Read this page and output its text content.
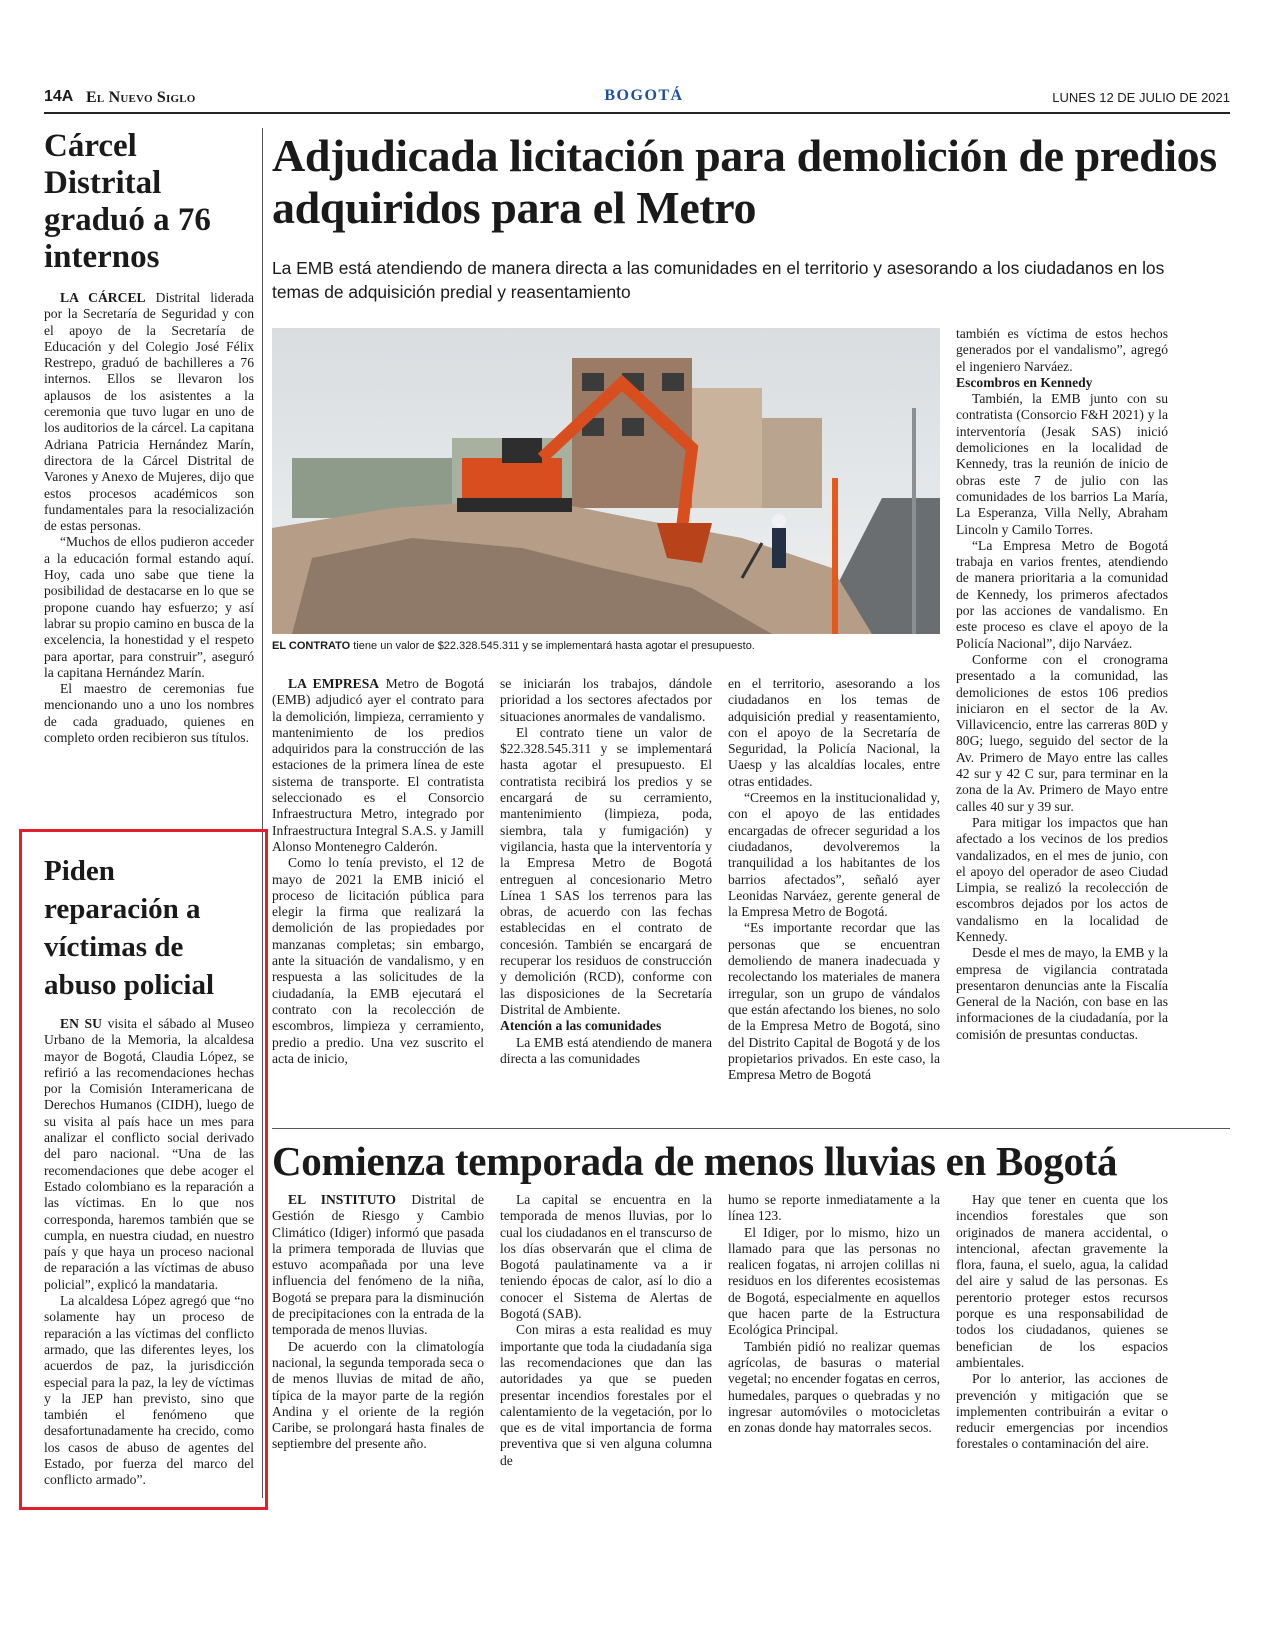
14A El Nuevo Siglo	BOGOTÁ	LUNES 12 DE JULIO DE 2021
Cárcel Distrital graduó a 76 internos

LA CÁRCEL Distrital liderada por la Secretaría de Seguridad y con el apoyo de la Secretaría de Educación y del Colegio José Félix Restrepo, graduó de bachilleres a 76 internos. Ellos se llevaron los aplausos de los asistentes a la ceremonia que tuvo lugar en uno de los auditorios de la cárcel. La capitana Adriana Patricia Hernández Marín, directora de la Cárcel Distrital de Varones y Anexo de Mujeres, dijo que estos procesos académicos son fundamentales para la resocialización de estas personas.

“Muchos de ellos pudieron acceder a la educación formal estando aquí. Hoy, cada uno sabe que tiene la posibilidad de destacarse en lo que se propone cuando hay esfuerzo; y así labrar su propio camino en busca de la excelencia, la honestidad y el respeto para aportar, para construir”, aseguró la capitana Hernández Marín.

El maestro de ceremonias fue mencionando uno a uno los nombres de cada graduado, quienes en completo orden recibieron sus títulos.

Piden reparación a víctimas de abuso policial

EN SU visita el sábado al Museo Urbano de la Memoria, la alcaldesa mayor de Bogotá, Claudia López, se refirió a las recomendaciones hechas por la Comisión Interamericana de Derechos Humanos (CIDH), luego de su visita al país hace un mes para analizar el conflicto social derivado del paro nacional. “Una de las recomendaciones que debe acoger el Estado colombiano es la reparación a las víctimas. En lo que nos corresponda, haremos también que se cumpla, en nuestra ciudad, en nuestro país y que haya un proceso nacional de reparación a las víctimas de abuso policial”, explicó la mandataria.

La alcaldesa López agregó que “no solamente hay un proceso de reparación a las víctimas del conflicto armado, que las diferentes leyes, los acuerdos de paz, la jurisdicción especial para la paz, la ley de víctimas y la JEP han previsto, sino que también el fenómeno que desafortunadamente ha crecido, como los casos de abuso de agentes del Estado, por fuerza del marco del conflicto armado”.

Adjudicada licitación para demolición de predios adquiridos para el Metro
La EMB está atendiendo de manera directa a las comunidades en el territorio y asesorando a los ciudadanos en los temas de adquisición predial y reasentamiento
EL CONTRATO tiene un valor de $22.328.545.311 y se implementará hasta agotar el presupuesto.

LA EMPRESA Metro de Bogotá (EMB) adjudicó ayer el contrato para la demolición, limpieza, cerramiento y mantenimiento de los predios adquiridos para la construcción de las estaciones de la primera línea de este sistema de transporte. El contratista seleccionado es el Consorcio Infraestructura Metro, integrado por Infraestructura Integral S.A.S. y Jamill Alonso Montenegro Calderón.

Como lo tenía previsto, el 12 de mayo de 2021 la EMB inició el proceso de licitación pública para elegir la firma que realizará la demolición de las propiedades por manzanas completas; sin embargo, ante la situación de vandalismo, y en respuesta a las solicitudes de la ciudadanía, la EMB ejecutará el contrato con la recolección de escombros, limpieza y cerramiento, predio a predio. Una vez suscrito el acta de inicio,

se iniciarán los trabajos, dándole prioridad a los sectores afectados por situaciones anormales de vandalismo.

El contrato tiene un valor de $22.328.545.311 y se implementará hasta agotar el presupuesto. El contratista recibirá los predios y se encargará de su cerramiento, mantenimiento (limpieza, poda, siembra, tala y fumigación) y vigilancia, hasta que la interventoría y la Empresa Metro de Bogotá entreguen al concesionario Metro Línea 1 SAS los terrenos para las obras, de acuerdo con las fechas establecidas en el contrato de concesión. También se encargará de recuperar los residuos de construcción y demolición (RCD), conforme con las disposiciones de la Secretaría Distrital de Ambiente.

Atención a las comunidades

La EMB está atendiendo de manera directa a las comunidades

en el territorio, asesorando a los ciudadanos en los temas de adquisición predial y reasentamiento, con el apoyo de la Secretaría de Seguridad, la Policía Nacional, la Uaesp y las alcaldías locales, entre otras entidades.

“Creemos en la institucionalidad y, con el apoyo de las entidades encargadas de ofrecer seguridad a los ciudadanos, devolveremos la tranquilidad a los habitantes de los barrios afectados”, señaló ayer Leonidas Narváez, gerente general de la Empresa Metro de Bogotá.

“Es importante recordar que las personas que se encuentran demoliendo de manera inadecuada y recolectando los materiales de manera irregular, son un grupo de vándalos que están afectando los bienes, no solo de la Empresa Metro de Bogotá, sino del Distrito Capital de Bogotá y de los propietarios privados. En este caso, la Empresa Metro de Bogotá

también es víctima de estos hechos generados por el vandalismo”, agregó el ingeniero Narváez.

Escombros en Kennedy

También, la EMB junto con su contratista (Consorcio F&H 2021) y la interventoría (Jesak SAS) inició demoliciones en la localidad de Kennedy, tras la reunión de inicio de obras este 7 de julio con las comunidades de los barrios La María, La Esperanza, Villa Nelly, Abraham Lincoln y Camilo Torres.

“La Empresa Metro de Bogotá trabaja en varios frentes, atendiendo de manera prioritaria a la comunidad de Kennedy, los primeros afectados por las acciones de vandalismo. En este proceso es clave el apoyo de la Policía Nacional”, dijo Narváez.

Conforme con el cronograma presentado a la comunidad, las demoliciones de estos 106 predios iniciaron en el sector de la Av. Villavicencio, entre las carreras 80D y 80G; luego, seguido del sector de la Av. Primero de Mayo entre las calles 42 sur y 42 C sur, para terminar en la zona de la Av. Primero de Mayo entre calles 40 sur y 39 sur.

Para mitigar los impactos que han afectado a los vecinos de los predios vandalizados, en el mes de junio, con el apoyo del operador de aseo Ciudad Limpia, se realizó la recolección de escombros dejados por los actos de vandalismo en la localidad de Kennedy.

Desde el mes de mayo, la EMB y la empresa de vigilancia contratada presentaron denuncias ante la Fiscalía General de la Nación, con base en las informaciones de la ciudadanía, por la comisión de presuntas conductas.

Comienza temporada de menos lluvias en Bogotá

EL INSTITUTO Distrital de Gestión de Riesgo y Cambio Climático (Idiger) informó que pasada la primera temporada de lluvias que estuvo acompañada por una leve influencia del fenómeno de la niña, Bogotá se prepara para la disminución de precipitaciones con la entrada de la temporada de menos lluvias.

De acuerdo con la climatología nacional, la segunda temporada seca o de menos lluvias de mitad de año, típica de la mayor parte de la región Andina y el oriente de la región Caribe, se prolongará hasta finales de septiembre del presente año.

La capital se encuentra en la temporada de menos lluvias, por lo cual los ciudadanos en el transcurso de los días observarán que el clima de Bogotá paulatinamente va a ir teniendo épocas de calor, así lo dio a conocer el Sistema de Alertas de Bogotá (SAB).

Con miras a esta realidad es muy importante que toda la ciudadanía siga las recomendaciones que dan las autoridades ya que se pueden presentar incendios forestales por el calentamiento de la vegetación, por lo que es de vital importancia de forma preventiva que si ven alguna columna de

humo se reporte inmediatamente a la línea 123.

El Idiger, por lo mismo, hizo un llamado para que las personas no realicen fogatas, ni arrojen colillas ni residuos en los diferentes ecosistemas de Bogotá, especialmente en aquellos que hacen parte de la Estructura Ecológica Principal.

También pidió no realizar quemas agrícolas, de basuras o material vegetal; no encender fogatas en cerros, humedales, parques o quebradas y no ingresar automóviles o motocicletas en zonas donde hay matorrales secos.

Hay que tener en cuenta que los incendios forestales que son originados de manera accidental, o intencional, afectan gravemente la flora, fauna, el suelo, agua, la calidad del aire y salud de las personas. Es perentorio proteger estos recursos porque es una responsabilidad de todos los ciudadanos, quienes se benefician de los espacios ambientales.

Por lo anterior, las acciones de prevención y mitigación que se implementen contribuirán a evitar o reducir emergencias por incendios forestales o contaminación del aire.
